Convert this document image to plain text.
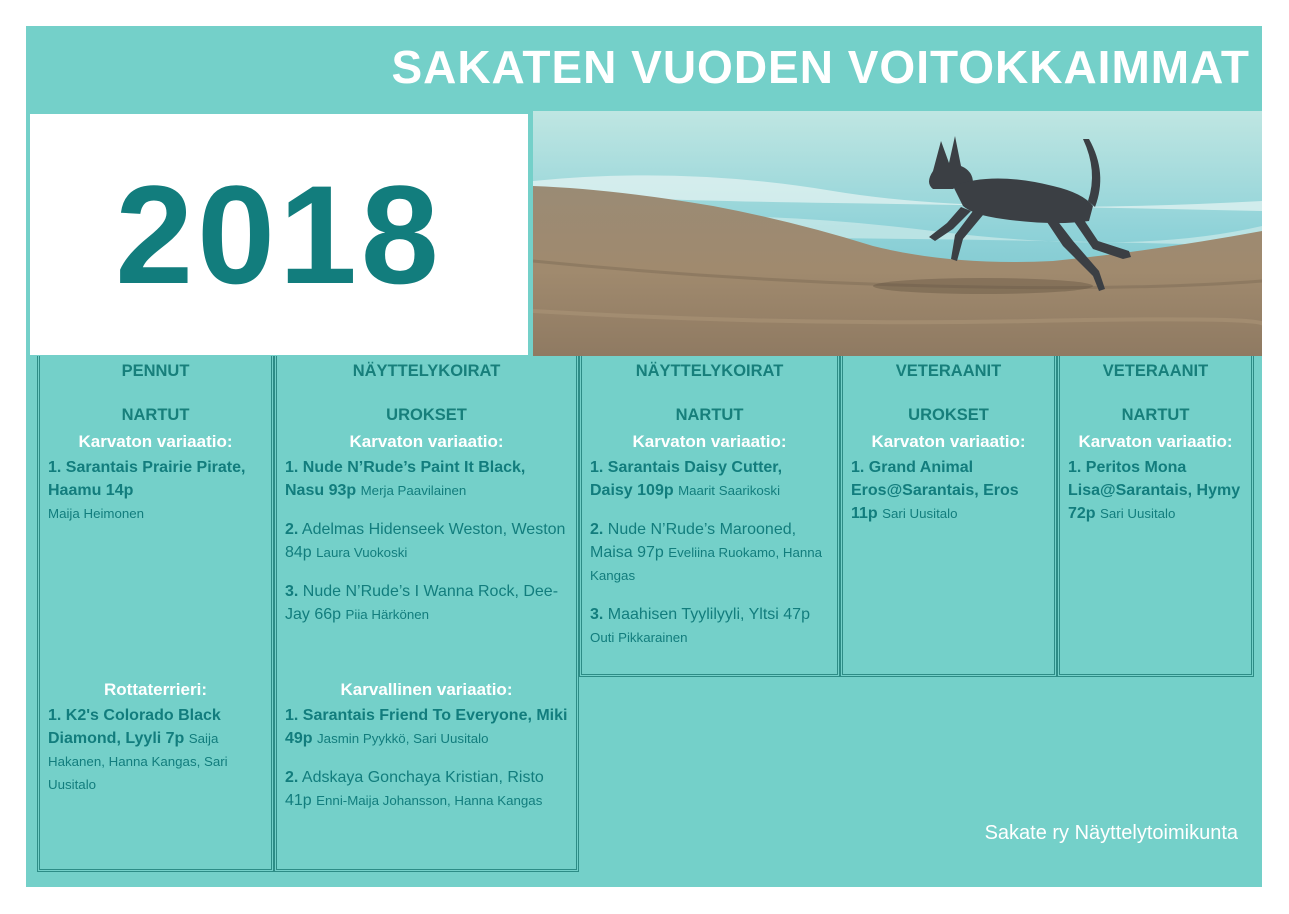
SAKATEN VUODEN VOITOKKAIMMAT
2018
PENNUT
NARTUT
Karvaton variaatio:
1. Sarantais Prairie Pirate, Haamu 14p
Maija Heimonen
Rottaterrieri:
1. K2's Colorado Black Diamond, Lyyli 7p Saija Hakanen, Hanna Kangas, Sari Uusitalo
NÄYTTELYKOIRAT
UROKSET
Karvaton variaatio:
1. Nude N’Rude’s Paint It Black, Nasu 93p Merja Paavilainen
2. Adelmas Hidenseek Weston, Weston 84p Laura Vuokoski
3. Nude N’Rude’s I Wanna Rock, Dee-Jay 66p Piia Härkönen
Karvallinen variaatio:
1. Sarantais Friend To Everyone, Miki 49p Jasmin Pyykkö, Sari Uusitalo
2. Adskaya Gonchaya Kristian, Risto 41p Enni-Maija Johansson, Hanna Kangas
NÄYTTELYKOIRAT
NARTUT
Karvaton variaatio:
1. Sarantais Daisy Cutter, Daisy 109p Maarit Saarikoski
2. Nude N’Rude’s Marooned, Maisa 97p Eveliina Ruokamo, Hanna Kangas
3. Maahisen Tyylilyyli, Yltsi 47p Outi Pikkarainen
VETERAANIT
UROKSET
Karvaton variaatio:
1. Grand Animal Eros@Sarantais, Eros 11p Sari Uusitalo
VETERAANIT
NARTUT
Karvaton variaatio:
1. Peritos Mona Lisa@Sarantais, Hymy 72p Sari Uusitalo
Sakate ry Näyttelytoimikunta
